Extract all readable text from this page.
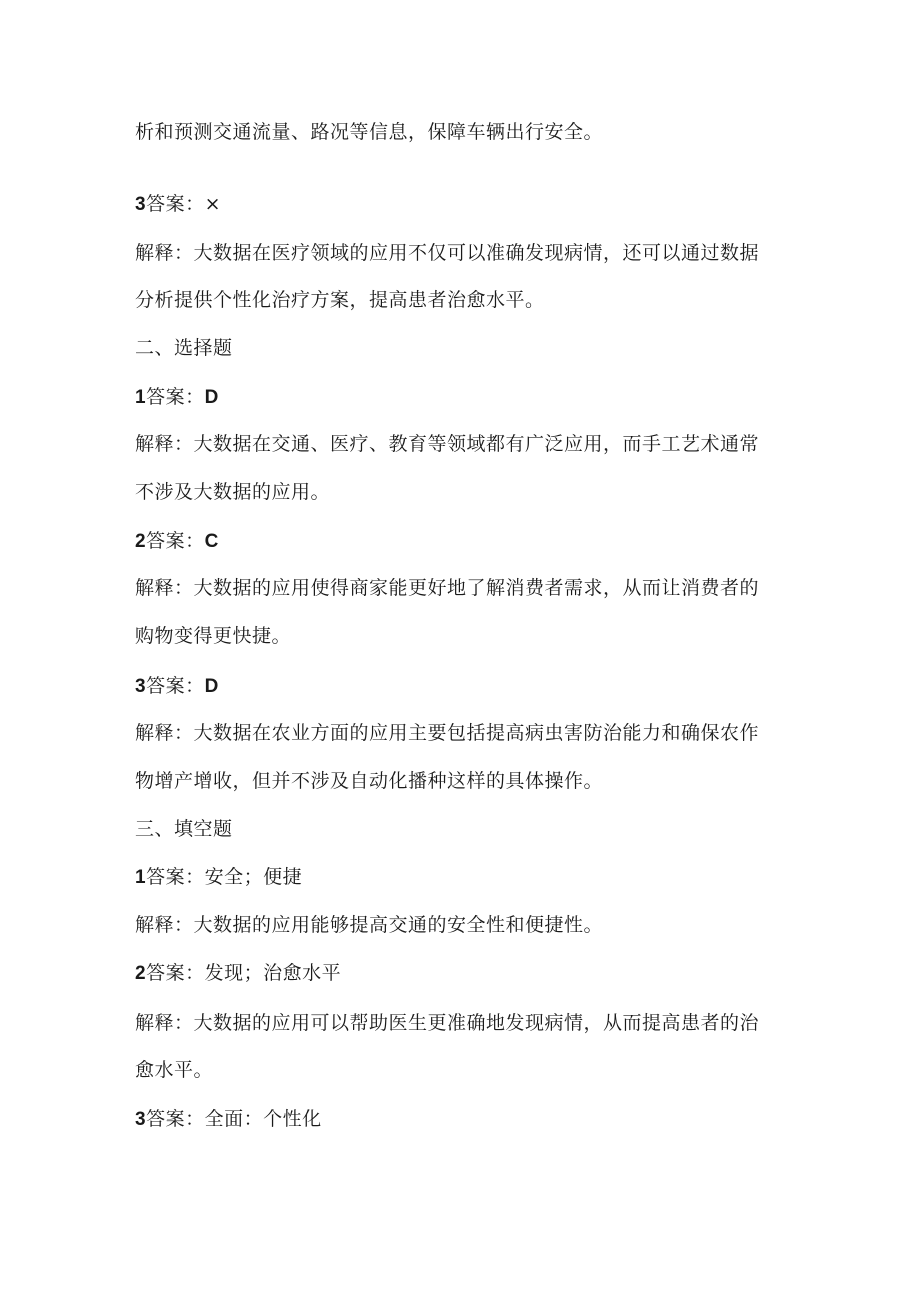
析和预测交通流量、路况等信息，保障车辆出行安全。

3答案：×

解释：大数据在医疗领域的应用不仅可以准确发现病情，还可以通过数据

分析提供个性化治疗方案，提高患者治愈水平。

二、选择题

1答案：D

解释：大数据在交通、医疗、教育等领域都有广泛应用，而手工艺术通常

不涉及大数据的应用。

2答案：C

解释：大数据的应用使得商家能更好地了解消费者需求，从而让消费者的

购物变得更快捷。

3答案：D

解释：大数据在农业方面的应用主要包括提高病虫害防治能力和确保农作

物增产增收，但并不涉及自动化播种这样的具体操作。

三、填空题

1答案：安全；便捷

解释：大数据的应用能够提高交通的安全性和便捷性。

2答案：发现；治愈水平

解释：大数据的应用可以帮助医生更准确地发现病情，从而提高患者的治

愈水平。

3答案：全面：个性化
